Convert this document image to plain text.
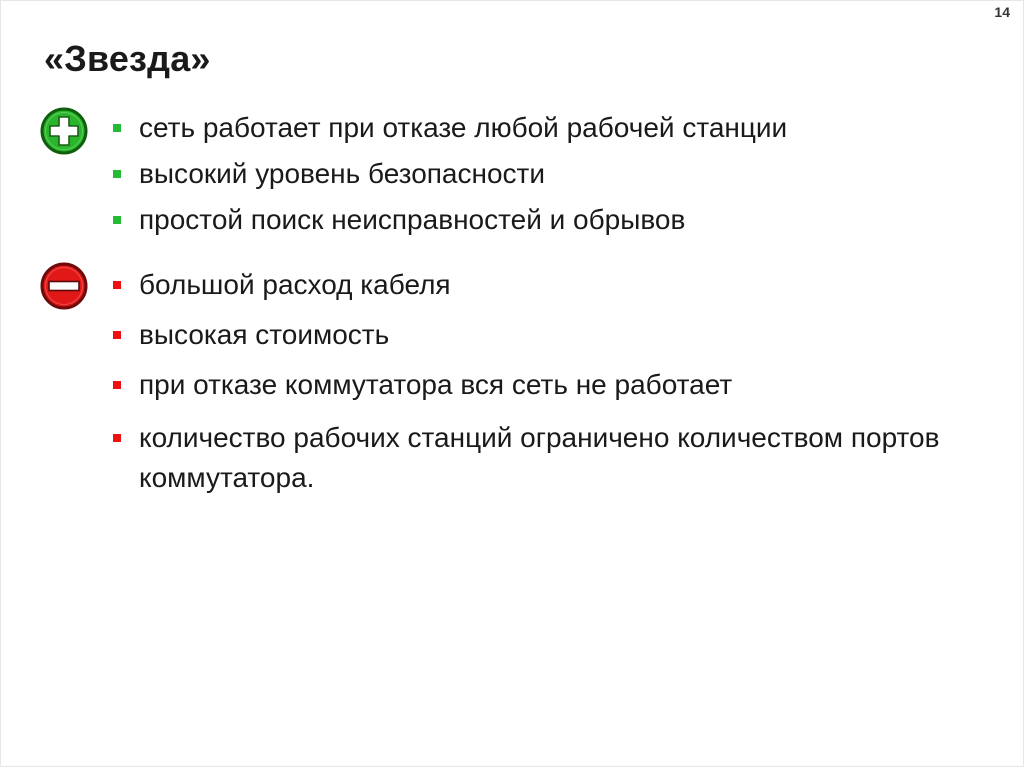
14
«Звезда»
сеть работает при отказе любой рабочей станции
высокий уровень безопасности
простой поиск неисправностей и обрывов
большой расход кабеля
высокая стоимость
при отказе коммутатора вся сеть не работает
количество рабочих станций ограничено количеством портов коммутатора.
